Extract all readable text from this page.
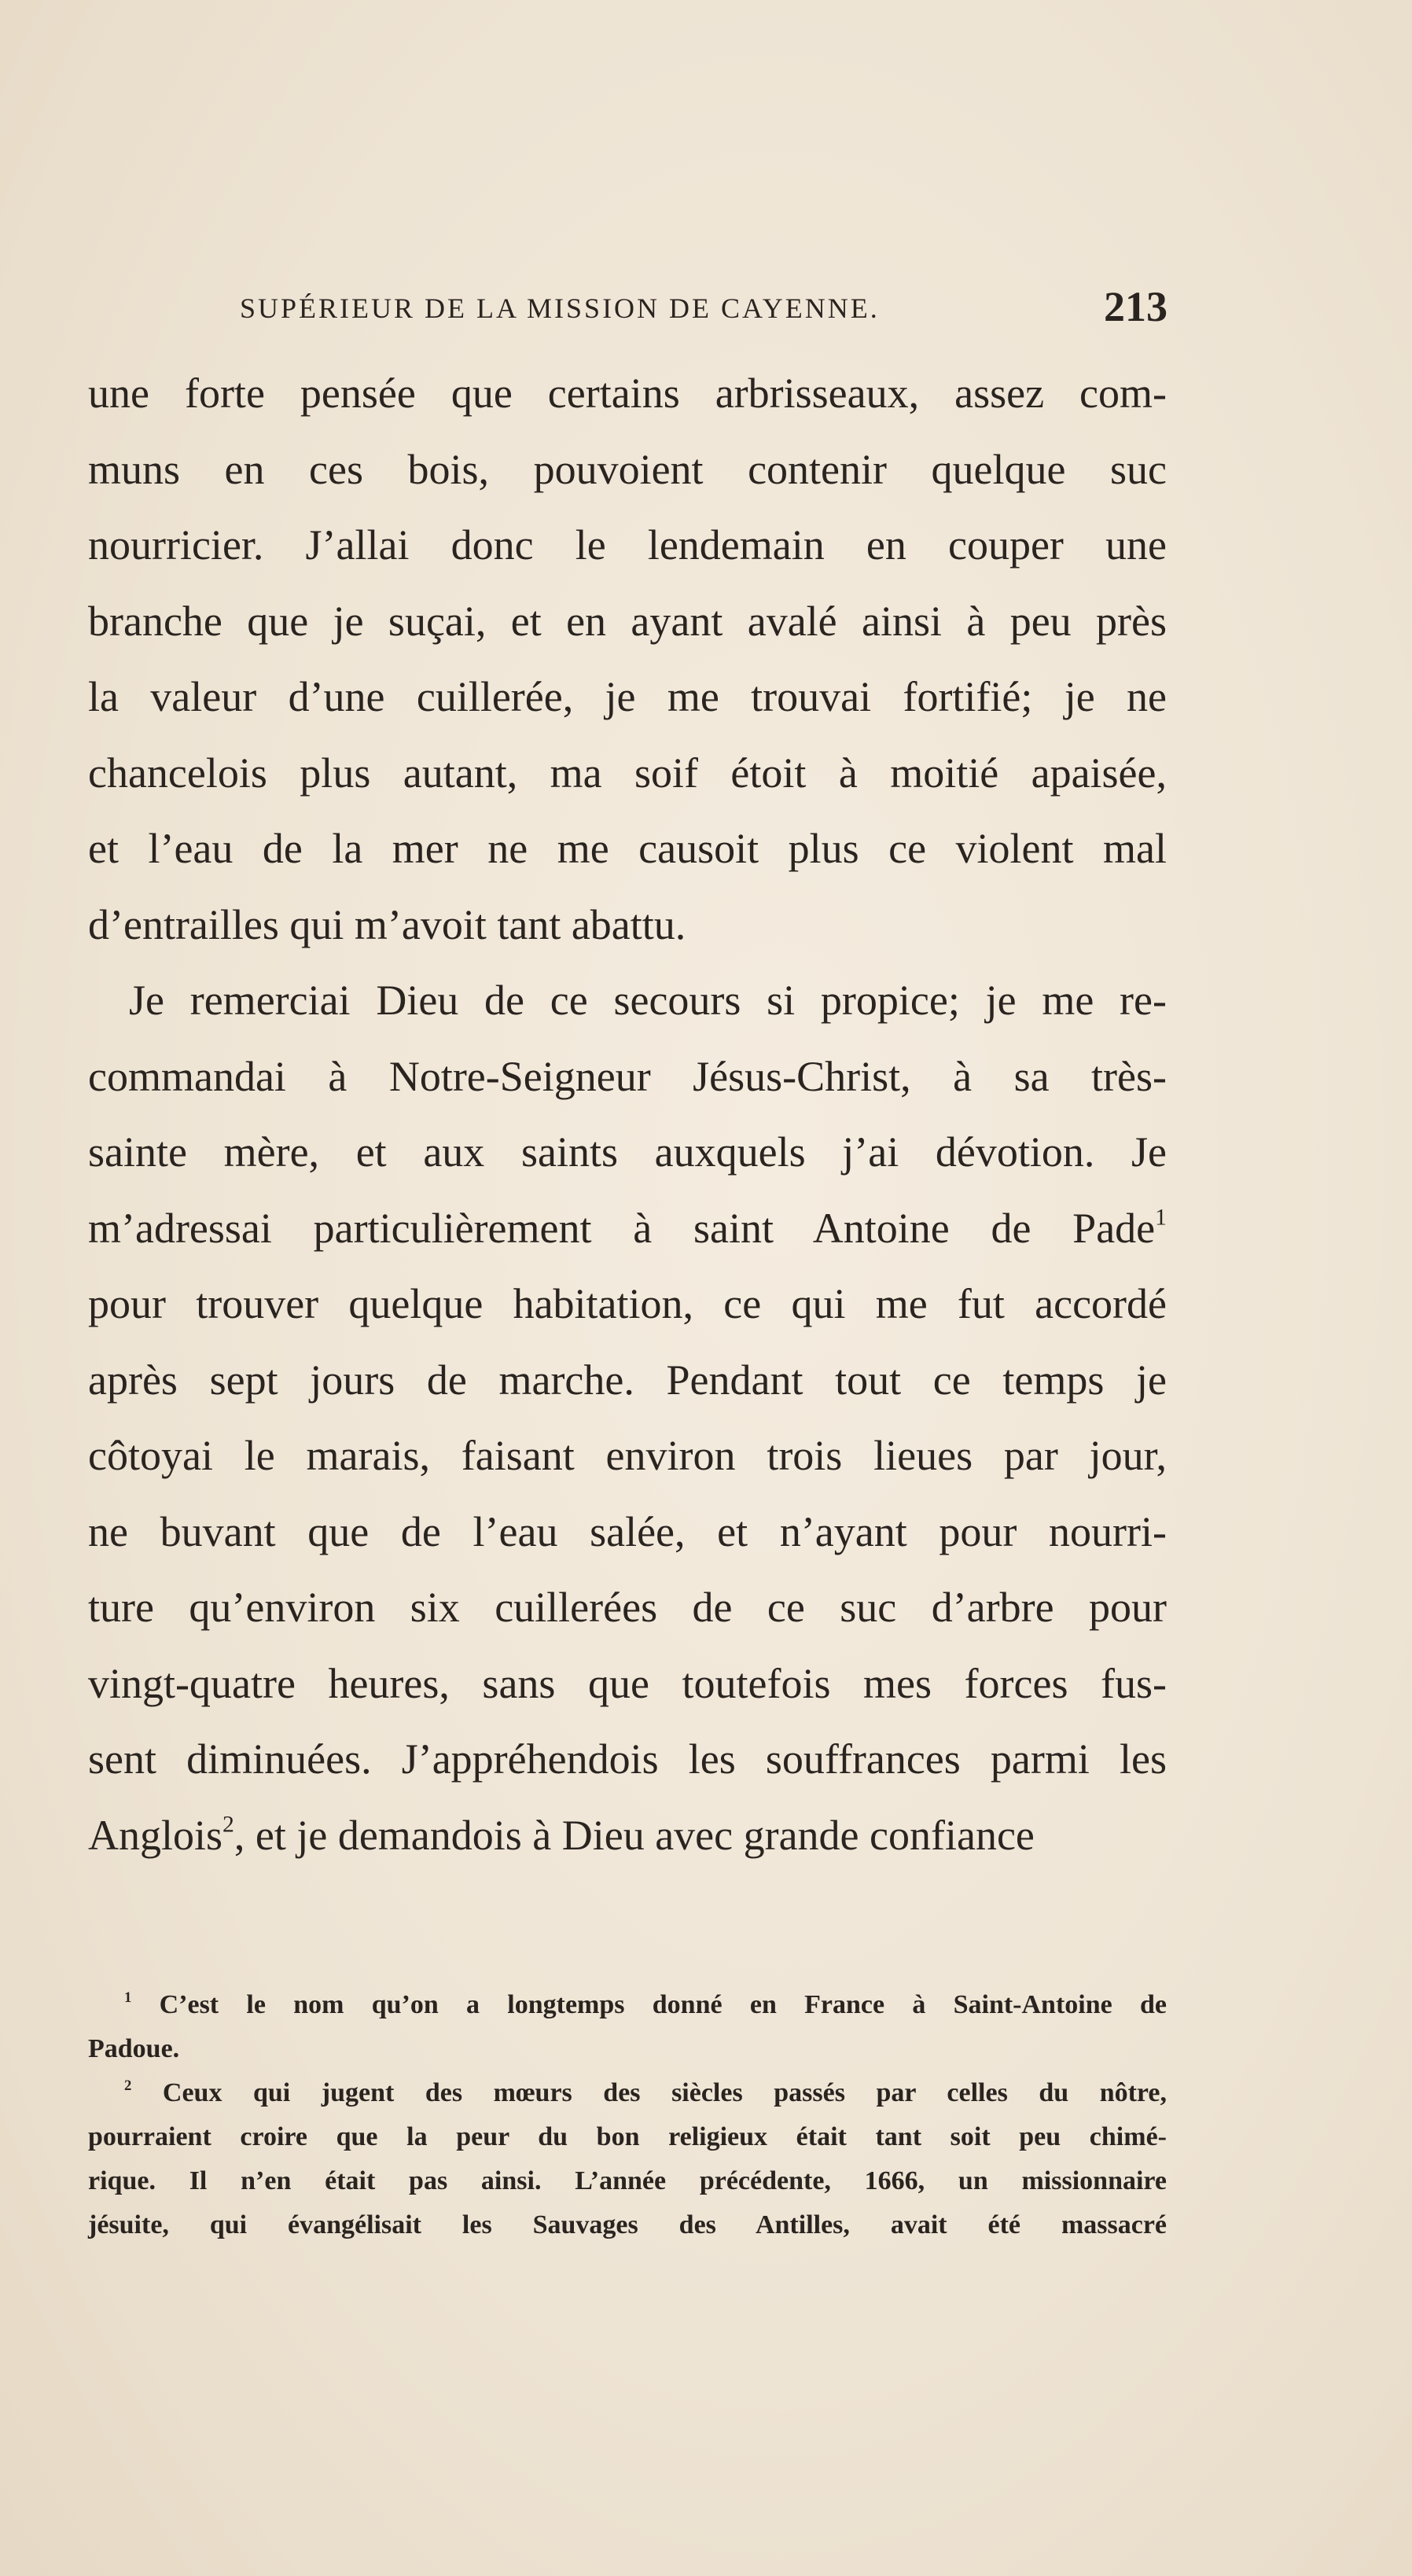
SUPÉRIEUR DE LA MISSION DE CAYENNE.	213
une forte pensée que certains arbrisseaux, assez com-
muns en ces bois, pouvoient contenir quelque suc
nourricier. J’allai donc le lendemain en couper une
branche que je suçai, et en ayant avalé ainsi à peu près
la valeur d’une cuillerée, je me trouvai fortifié; je ne
chancelois plus autant, ma soif étoit à moitié apaisée,
et l’eau de la mer ne me causoit plus ce violent mal
d’entrailles qui m’avoit tant abattu.
Je remerciai Dieu de ce secours si propice; je me re-
commandai à Notre-Seigneur Jésus-Christ, à sa très-
sainte mère, et aux saints auxquels j’ai dévotion. Je
m’adressai particulièrement à saint Antoine de Pade$^1$
pour trouver quelque habitation, ce qui me fut accordé
après sept jours de marche. Pendant tout ce temps je
côtoyai le marais, faisant environ trois lieues par jour,
ne buvant que de l’eau salée, et n’ayant pour nourri-
ture qu’environ six cuillerées de ce suc d’arbre pour
vingt-quatre heures, sans que toutefois mes forces fus-
sent diminuées. J’appréhendois les souffrances parmi les
Anglois$^2$, et je demandois à Dieu avec grande confiance
$^1$ C’est le nom qu’on a longtemps donné en France à Saint-Antoine de
Padoue.
$^2$ Ceux qui jugent des mœurs des siècles passés par celles du nôtre,
pourraient croire que la peur du bon religieux était tant soit peu chimé-
rique. Il n’en était pas ainsi. L’année précédente, 1666, un missionnaire
jésuite, qui évangélisait les Sauvages des Antilles, avait été massacré
